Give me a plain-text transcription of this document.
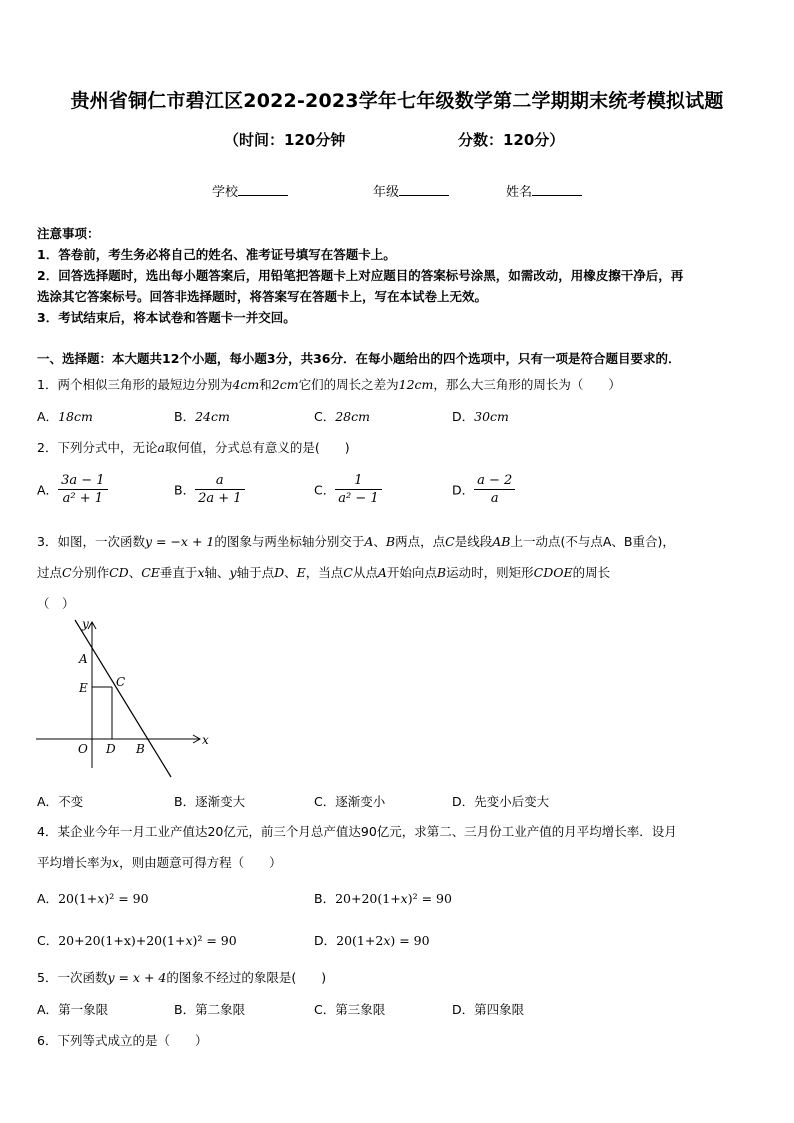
贵州省铜仁市碧江区2022-2023学年七年级数学第二学期期末统考模拟试题
（时间：120分钟	分数：120分）
学校	年级	姓名
注意事项：
1．答卷前，考生务必将自己的姓名、准考证号填写在答题卡上。
2．回答选择题时，选出每小题答案后，用铅笔把答题卡上对应题目的答案标号涂黑，如需改动，用橡皮擦干净后，再
选涂其它答案标号。回答非选择题时，将答案写在答题卡上，写在本试卷上无效。
3．考试结束后，将本试卷和答题卡一并交回。
一、选择题：本大题共12个小题，每小题3分，共36分．在每小题给出的四个选项中，只有一项是符合题目要求的．
1．两个相似三角形的最短边分别为4cm和2cm它们的周长之差为12cm，那么大三角形的周长为（　　）
A．18cm	B．24cm	C．28cm	D．30cm
2．下列分式中，无论a取何值，分式总有意义的是(　　)
A． $\frac{3a - 1}{\text{a² + 1}}$	B． $\frac{a}{2a + 1}$	C． $\frac{1}{\text{a² − 1}}$	D． $\frac{a - 2}{a}$
3．如图，一次函数y = −x + 1的图象与两坐标轴分别交于A、B两点，点C是线段AB上一动点(不与点A、B重合)，
过点C分别作CD、CE垂直于x轴、y轴于点D、E，当点C从点A开始向点B运动时，则矩形CDOE的周长
（　）
y
x
A
E C
O D B
A．不变	B．逐渐变大	C．逐渐变小	D．先变小后变大
4．某企业今年一月工业产值达20亿元，前三个月总产值达90亿元，求第二、三月份工业产值的月平均增长率．设月
平均增长率为x，则由题意可得方程（　　）
A．20(1+x)² = 90	B．20+20(1+x)² = 90
C．20+20(1+x)+20(1+x)² = 90	D．20(1+2x) = 90
5．一次函数y = x + 4的图象不经过的象限是(　　)
A．第一象限	B．第二象限	C．第三象限	D．第四象限
6．下列等式成立的是（　　）
